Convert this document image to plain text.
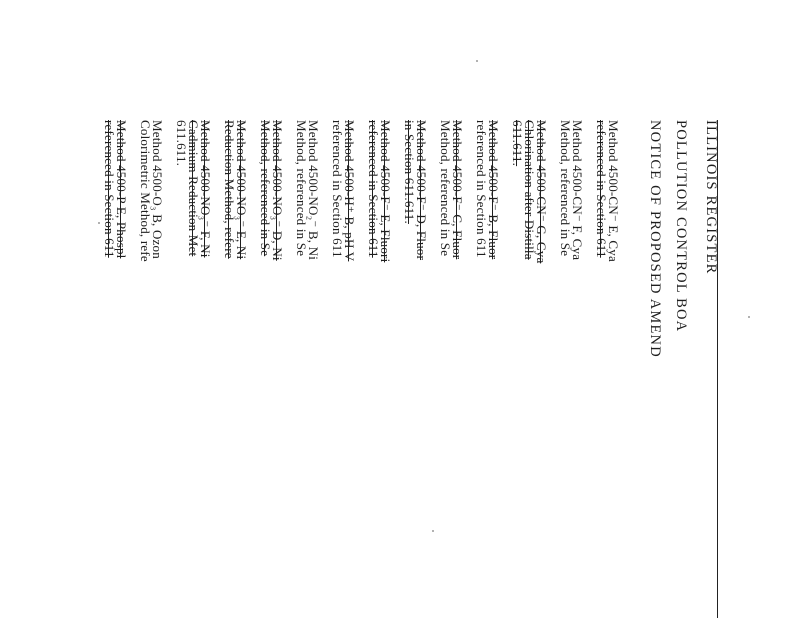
ILLINOIS REGISTER
POLLUTION CONTROL BOA
NOTICE OF PROPOSED AMEND
Method 4500-CN⁻ E, Cya
referenced in Section 611
Method 4500-CN⁻ F, Cya
Method, referenced in Se
Method 4500-CN⁻ G, Cya
Chlorination after Distilla
611.611.
Method 4500-F⁻ B, Fluor
referenced in Section 611
Method 4500-F⁻ C, Fluor
Method, referenced in Se
Method 4500-F⁻ D, Fluor
in Section 611.611.
Method 4500-F⁻ E, Fluori
referenced in Section 611
Method 4500-H⁺ B, pH V
referenced in Section 611
Method 4500-NO₂⁻ B, Ni
Method, referenced in Se
Method 4500-NO₃⁻ D, Ni
Method, referenced in Se
Method 4500-NO₃⁻ E, Ni
Reduction Method, refere
Method 4500-NO₃⁻ F, Ni
Cadmium Reduction Met
611.611.
Method 4500-O₃ B, Ozon
Colorimetric Method, refe
Method 4500-P E, Phospl
referenced in Section 611
